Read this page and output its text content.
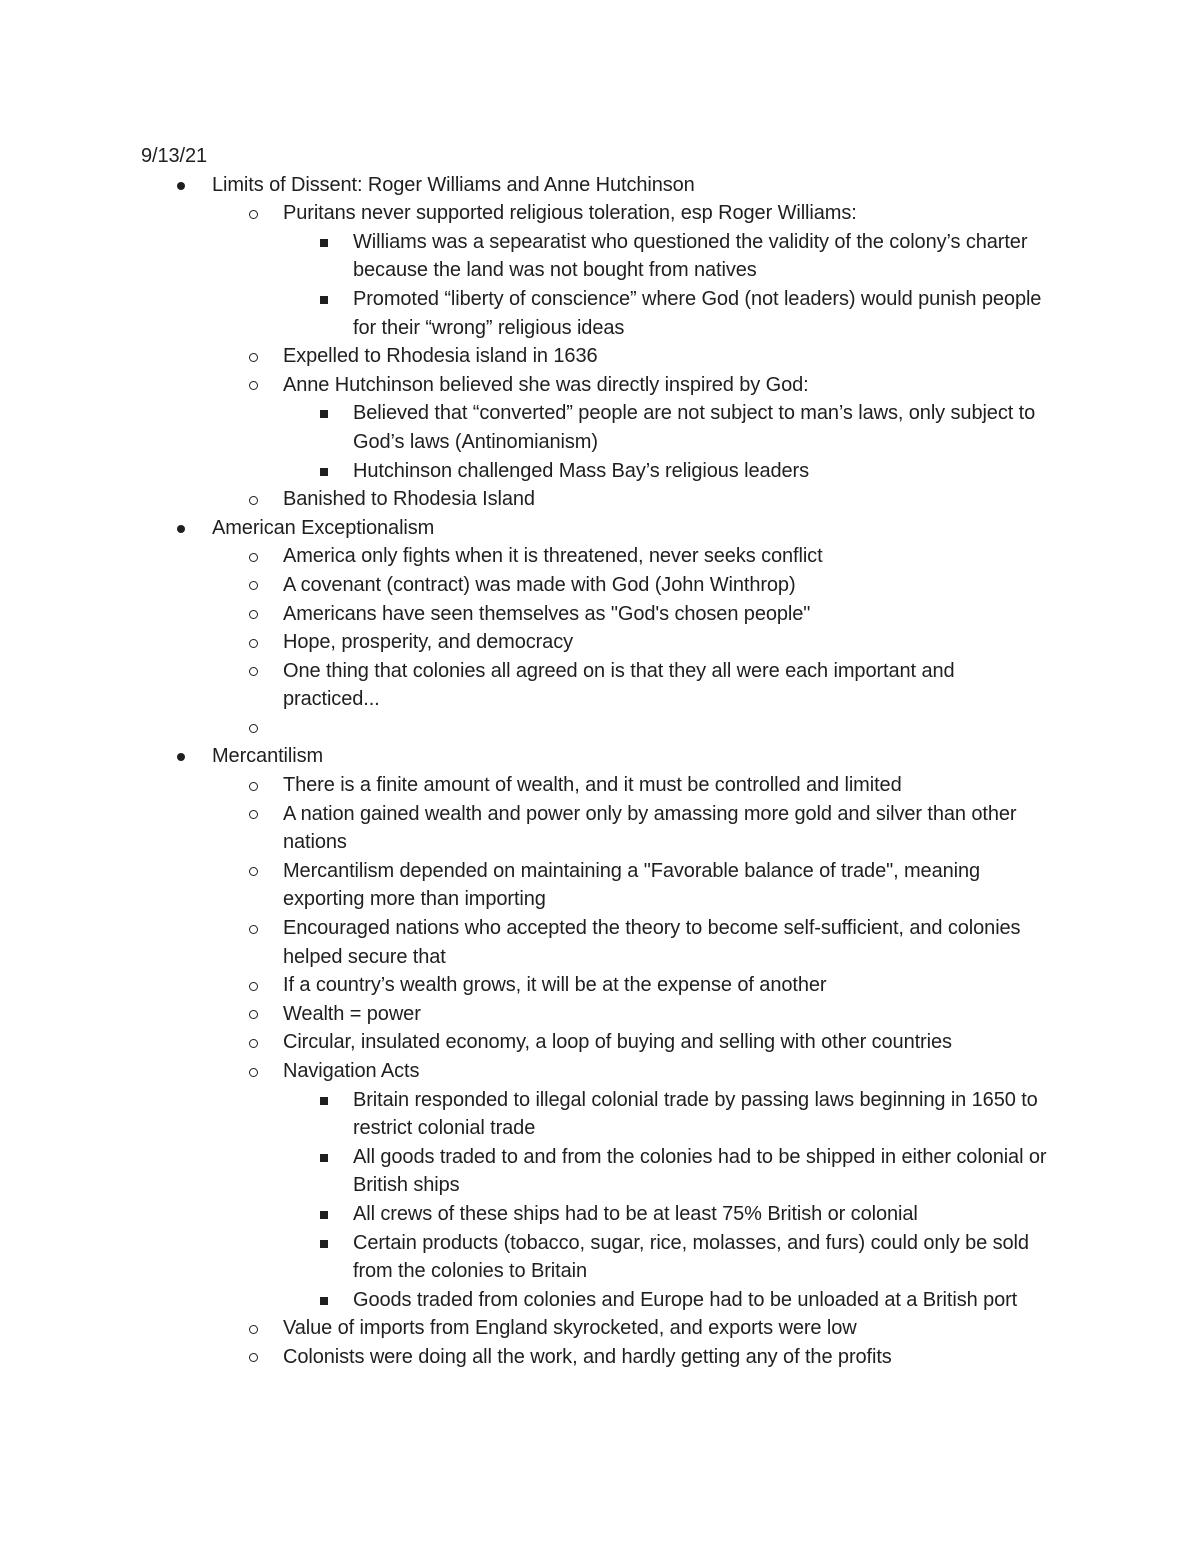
9/13/21
Limits of Dissent: Roger Williams and Anne Hutchinson
Puritans never supported religious toleration, esp Roger Williams:
Williams was a sepearatist who questioned the validity of the colony’s charter because the land was not bought from natives
Promoted “liberty of conscience” where God (not leaders) would punish people for their “wrong” religious ideas
Expelled to Rhodesia island in 1636
Anne Hutchinson believed she was directly inspired by God:
Believed that “converted” people are not subject to man’s laws, only subject to God’s laws (Antinomianism)
Hutchinson challenged Mass Bay’s religious leaders
Banished to Rhodesia Island
American Exceptionalism
America only fights when it is threatened, never seeks conflict
A covenant (contract) was made with God (John Winthrop)
Americans have seen themselves as "God's chosen people"
Hope, prosperity, and democracy
One thing that colonies all agreed on is that they all were each important and practiced...
Mercantilism
There is a finite amount of wealth, and it must be controlled and limited
A nation gained wealth and power only by amassing more gold and silver than other nations
Mercantilism depended on maintaining a "Favorable balance of trade", meaning exporting more than importing
Encouraged nations who accepted the theory to become self-sufficient, and colonies helped secure that
If a country’s wealth grows, it will be at the expense of another
Wealth = power
Circular, insulated economy, a loop of buying and selling with other countries
Navigation Acts
Britain responded to illegal colonial trade by passing laws beginning in 1650 to restrict colonial trade
All goods traded to and from the colonies had to be shipped in either colonial or British ships
All crews of these ships had to be at least 75% British or colonial
Certain products (tobacco, sugar, rice, molasses, and furs) could only be sold from the colonies to Britain
Goods traded from colonies and Europe had to be unloaded at a British port
Value of imports from England skyrocketed, and exports were low
Colonists were doing all the work, and hardly getting any of the profits
